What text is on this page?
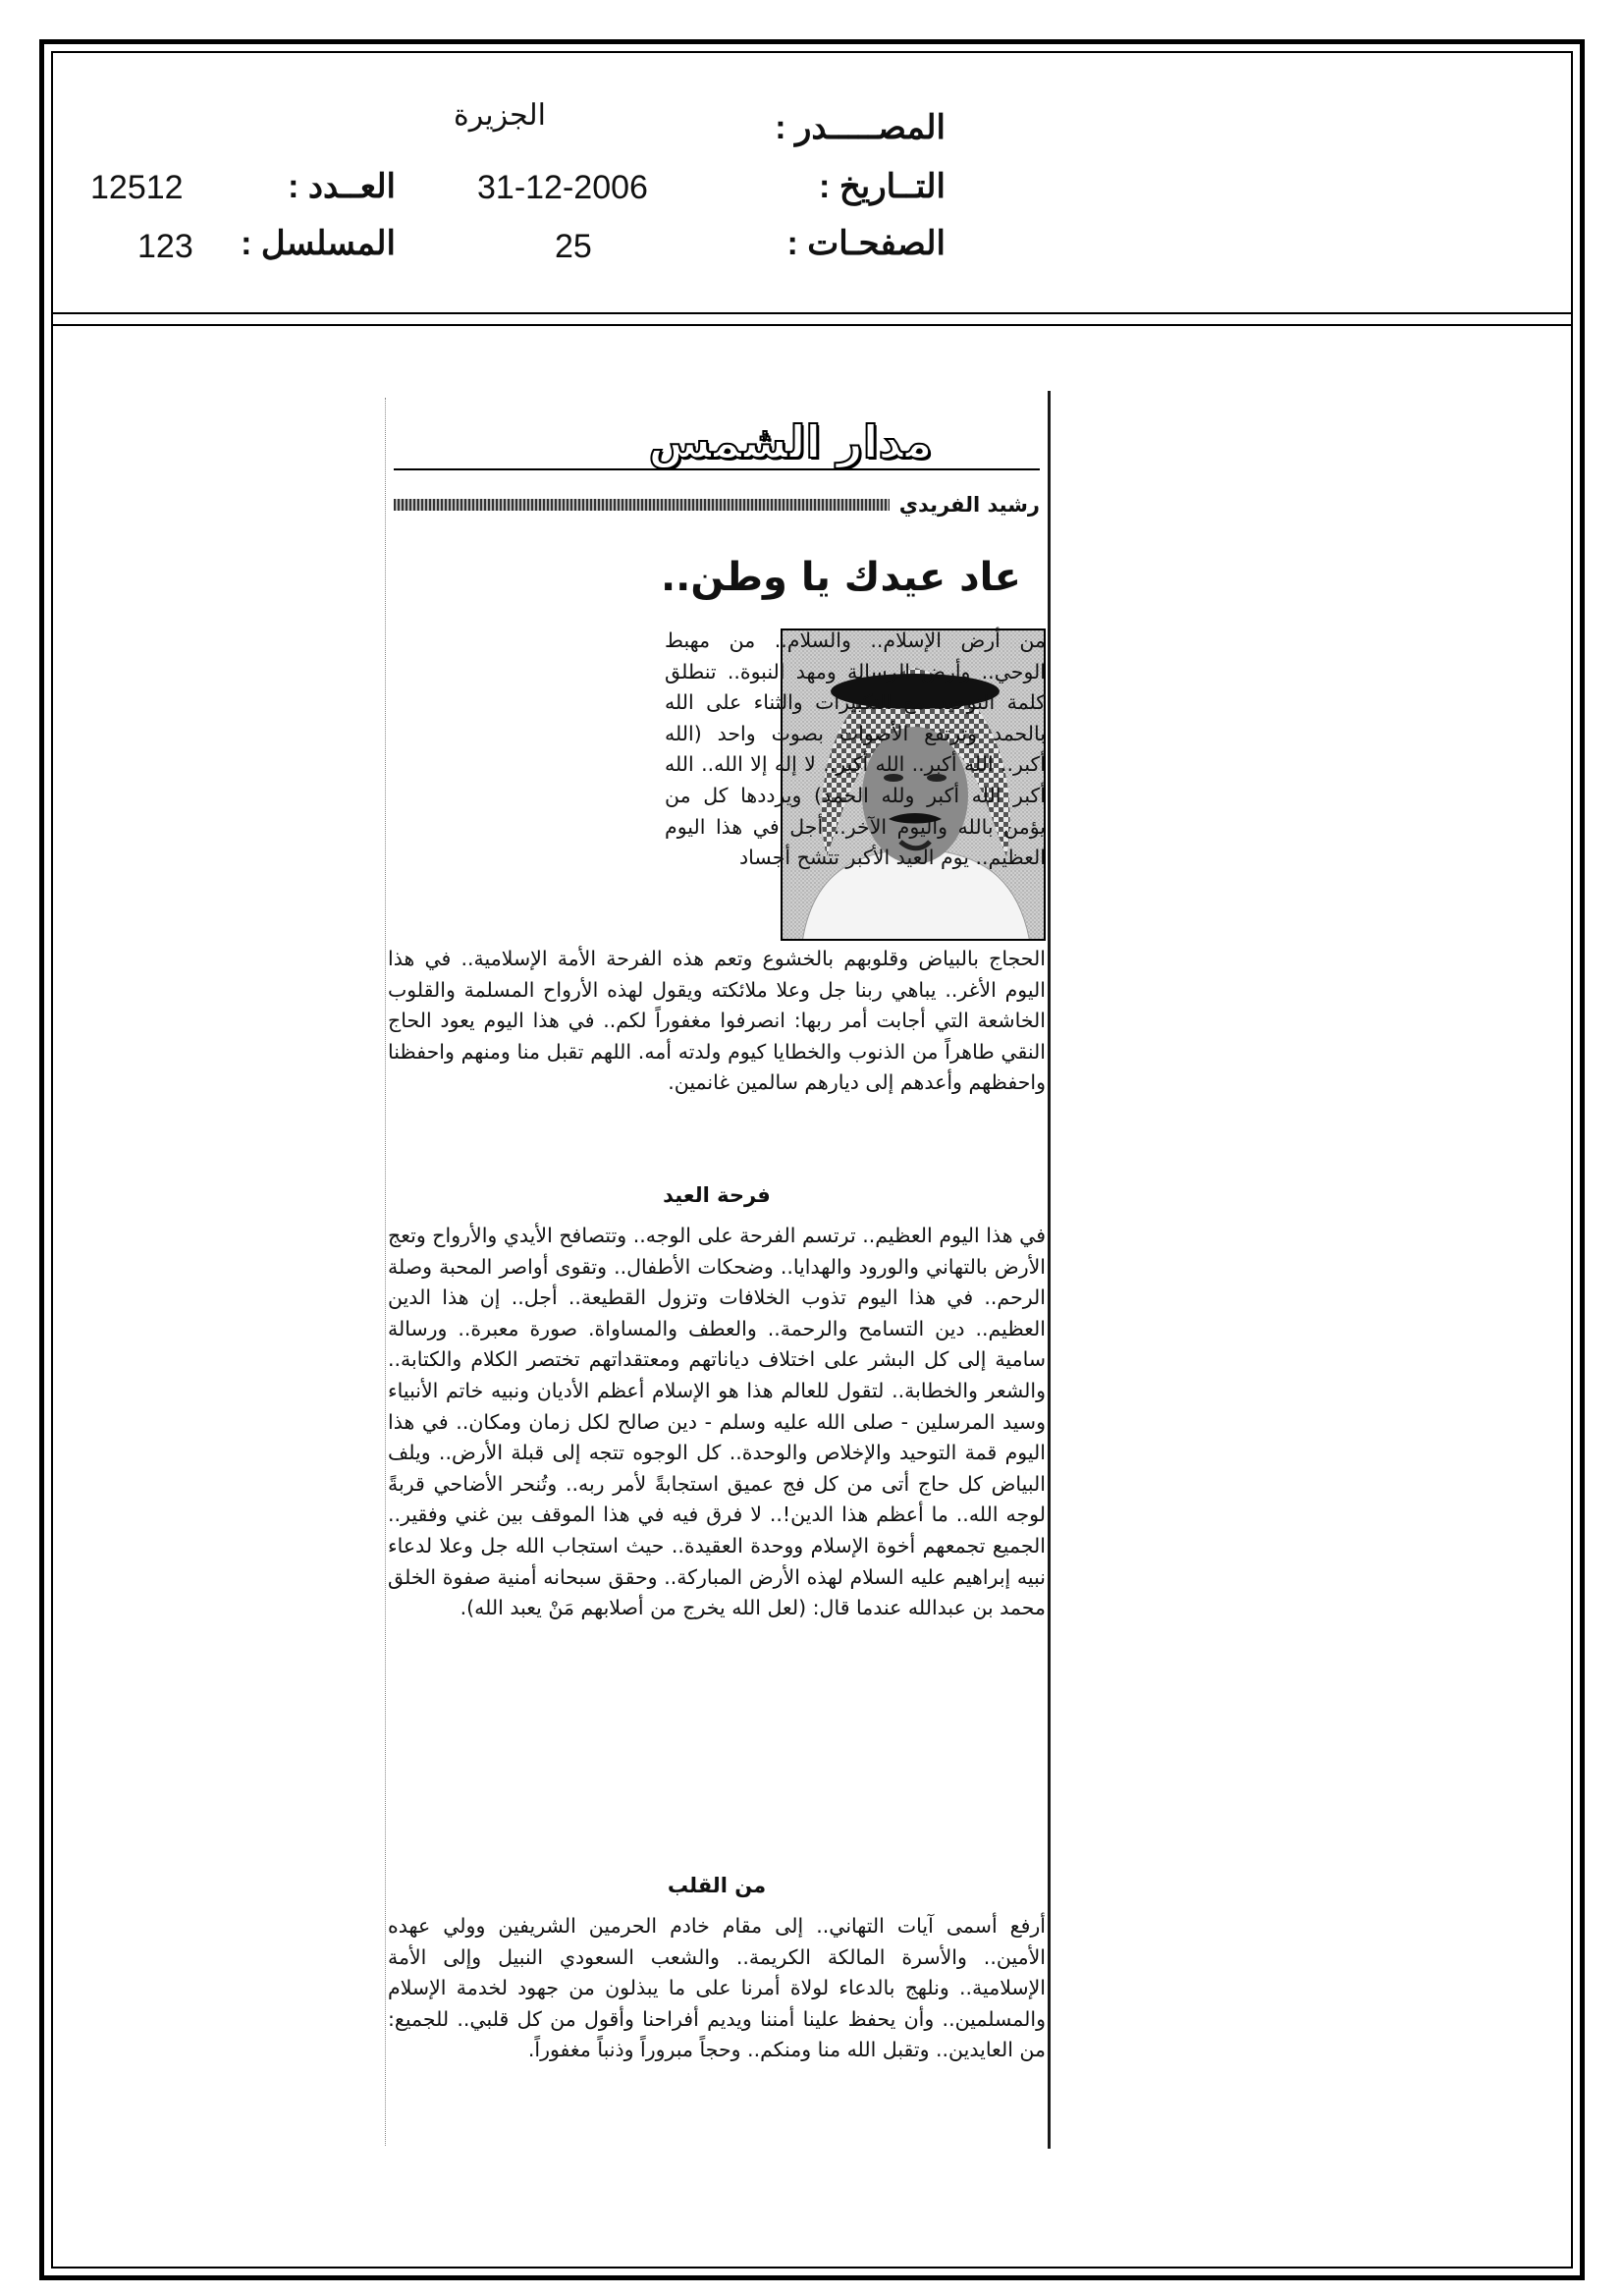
المصـــــدر :
الجزيرة
التــاريخ :
31-12-2006
العــدد :
12512
الصفحـات :
25
المسلسل :
123
مدار الشمس
رشيد الفريدي
عاد عيدك يا وطن..
من أرض الإسلام.. والسلام.. من مهبط الوحي.. وأرض الرسالة ومهد النبوة.. تنطلق كلمة التوحيد مع التكبيرات والثناء على الله بالحمد وترتفع الأصوات بصوت واحد (الله أكبر.. الله أكبر.. الله أكبر.. لا إله إلا الله.. الله أكبر الله أكبر ولله الحمد) ويرددها كل من يؤمن بالله واليوم الآخر.. أجل في هذا اليوم العظيم.. يوم العيد الأكبر تتشح أجساد
الحجاج بالبياض وقلوبهم بالخشوع وتعم هذه الفرحة الأمة الإسلامية.. في هذا اليوم الأغر.. يباهي ربنا جل وعلا ملائكته ويقول لهذه الأرواح المسلمة والقلوب الخاشعة التي أجابت أمر ربها: انصرفوا مغفوراً لكم.. في هذا اليوم يعود الحاج النقي طاهراً من الذنوب والخطايا كيوم ولدته أمه. اللهم تقبل منا ومنهم واحفظنا واحفظهم وأعدهم إلى ديارهم سالمين غانمين.
فرحة العيد
في هذا اليوم العظيم.. ترتسم الفرحة على الوجه.. وتتصافح الأيدي والأرواح وتعج الأرض بالتهاني والورود والهدايا.. وضحكات الأطفال.. وتقوى أواصر المحبة وصلة الرحم.. في هذا اليوم تذوب الخلافات وتزول القطيعة.. أجل.. إن هذا الدين العظيم.. دين التسامح والرحمة.. والعطف والمساواة. صورة معبرة.. ورسالة سامية إلى كل البشر على اختلاف دياناتهم ومعتقداتهم تختصر الكلام والكتابة.. والشعر والخطابة.. لتقول للعالم هذا هو الإسلام أعظم الأديان ونبيه خاتم الأنبياء وسيد المرسلين - صلى الله عليه وسلم - دين صالح لكل زمان ومكان.. في هذا اليوم قمة التوحيد والإخلاص والوحدة.. كل الوجوه تتجه إلى قبلة الأرض.. ويلف البياض كل حاج أتى من كل فج عميق استجابةً لأمر ربه.. وتُنحر الأضاحي قربةً لوجه الله.. ما أعظم هذا الدين!.. لا فرق فيه في هذا الموقف بين غني وفقير.. الجميع تجمعهم أخوة الإسلام ووحدة العقيدة.. حيث استجاب الله جل وعلا لدعاء نبيه إبراهيم عليه السلام لهذه الأرض المباركة.. وحقق سبحانه أمنية صفوة الخلق محمد بن عبدالله عندما قال: (لعل الله يخرج من أصلابهم مَنْ يعبد الله).
من القلب
أرفع أسمى آيات التهاني.. إلى مقام خادم الحرمين الشريفين وولي عهده الأمين.. والأسرة المالكة الكريمة.. والشعب السعودي النبيل وإلى الأمة الإسلامية.. ونلهج بالدعاء لولاة أمرنا على ما يبذلون من جهود لخدمة الإسلام والمسلمين.. وأن يحفظ علينا أمننا ويديم أفراحنا وأقول من كل قلبي.. للجميع: من العايدين.. وتقبل الله منا ومنكم.. وحجاً مبروراً وذنباً مغفوراً.
